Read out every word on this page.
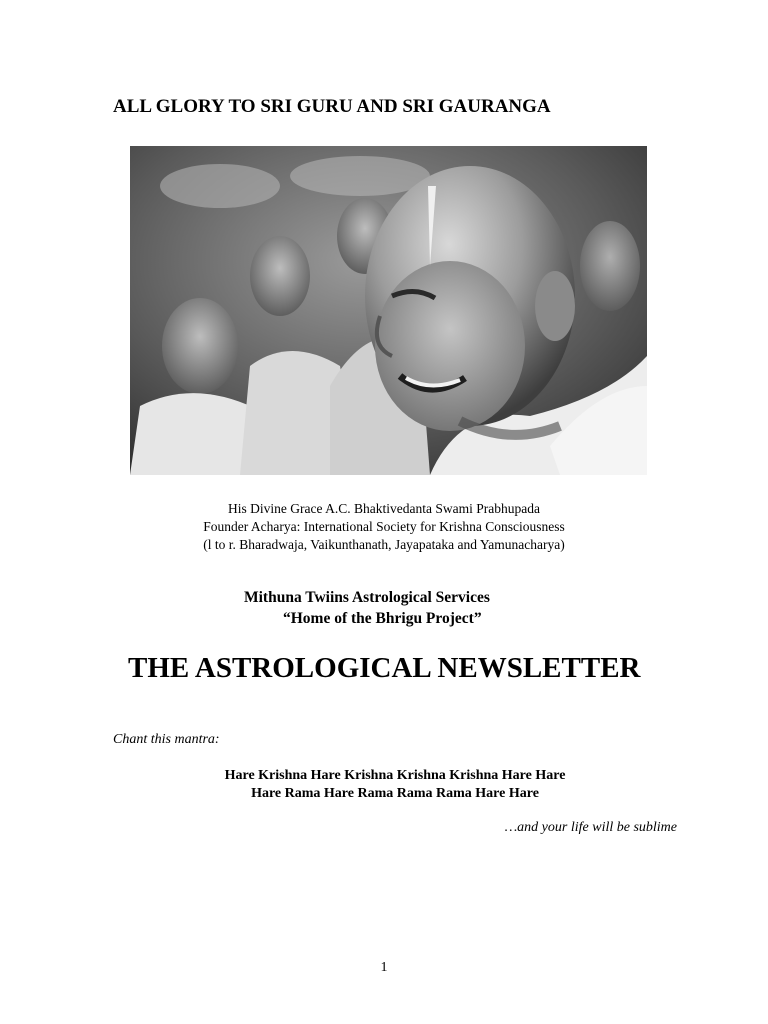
ALL GLORY TO SRI GURU AND SRI GAURANGA
His Divine Grace A.C. Bhaktivedanta Swami Prabhupada
Founder Acharya: International Society for Krishna Consciousness
(l to r. Bharadwaja, Vaikunthanath, Jayapataka and Yamunacharya)
Mithuna Twiins Astrological Services
“Home of the Bhrigu Project”
THE ASTROLOGICAL NEWSLETTER
Chant this mantra:
Hare Krishna Hare Krishna Krishna Krishna Hare Hare
Hare Rama Hare Rama Rama Rama Hare Hare
…and your life will be sublime
1
